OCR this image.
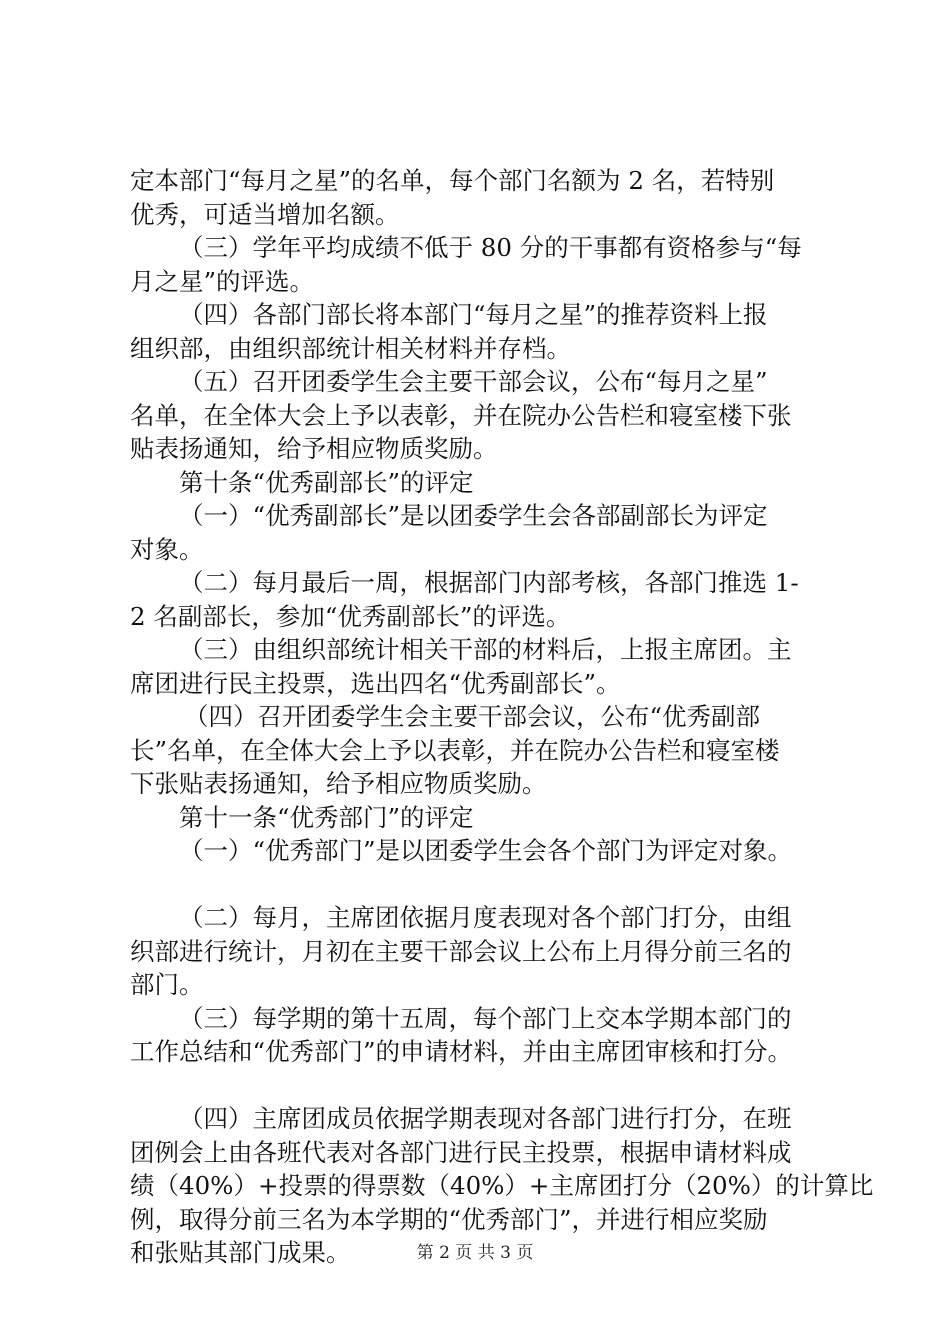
定本部门“每月之星”的名单，每个部门名额为 2 名，若特别
优秀，可适当增加名额。
（三）学年平均成绩不低于 80 分的干事都有资格参与“每
月之星”的评选。
（四）各部门部长将本部门“每月之星”的推荐资料上报
组织部，由组织部统计相关材料并存档。
（五）召开团委学生会主要干部会议，公布“每月之星”
名单，在全体大会上予以表彰，并在院办公告栏和寝室楼下张
贴表扬通知，给予相应物质奖励。
第十条“优秀副部长”的评定
（一）“优秀副部长”是以团委学生会各部副部长为评定
对象。
（二）每月最后一周，根据部门内部考核，各部门推选 1-
2 名副部长，参加“优秀副部长”的评选。
（三）由组织部统计相关干部的材料后，上报主席团。主
席团进行民主投票，选出四名“优秀副部长”。
（四）召开团委学生会主要干部会议，公布“优秀副部
长”名单，在全体大会上予以表彰，并在院办公告栏和寝室楼
下张贴表扬通知，给予相应物质奖励。
第十一条“优秀部门”的评定
（一）“优秀部门”是以团委学生会各个部门为评定对象。
（二）每月，主席团依据月度表现对各个部门打分，由组
织部进行统计，月初在主要干部会议上公布上月得分前三名的
部门。
（三）每学期的第十五周，每个部门上交本学期本部门的
工作总结和“优秀部门”的申请材料，并由主席团审核和打分。
（四）主席团成员依据学期表现对各部门进行打分，在班
团例会上由各班代表对各部门进行民主投票，根据申请材料成
绩（40%）+投票的得票数（40%）+主席团打分（20%）的计算比
例，取得分前三名为本学期的“优秀部门”，并进行相应奖励
和张贴其部门成果。	第 2 页 共 3 页
